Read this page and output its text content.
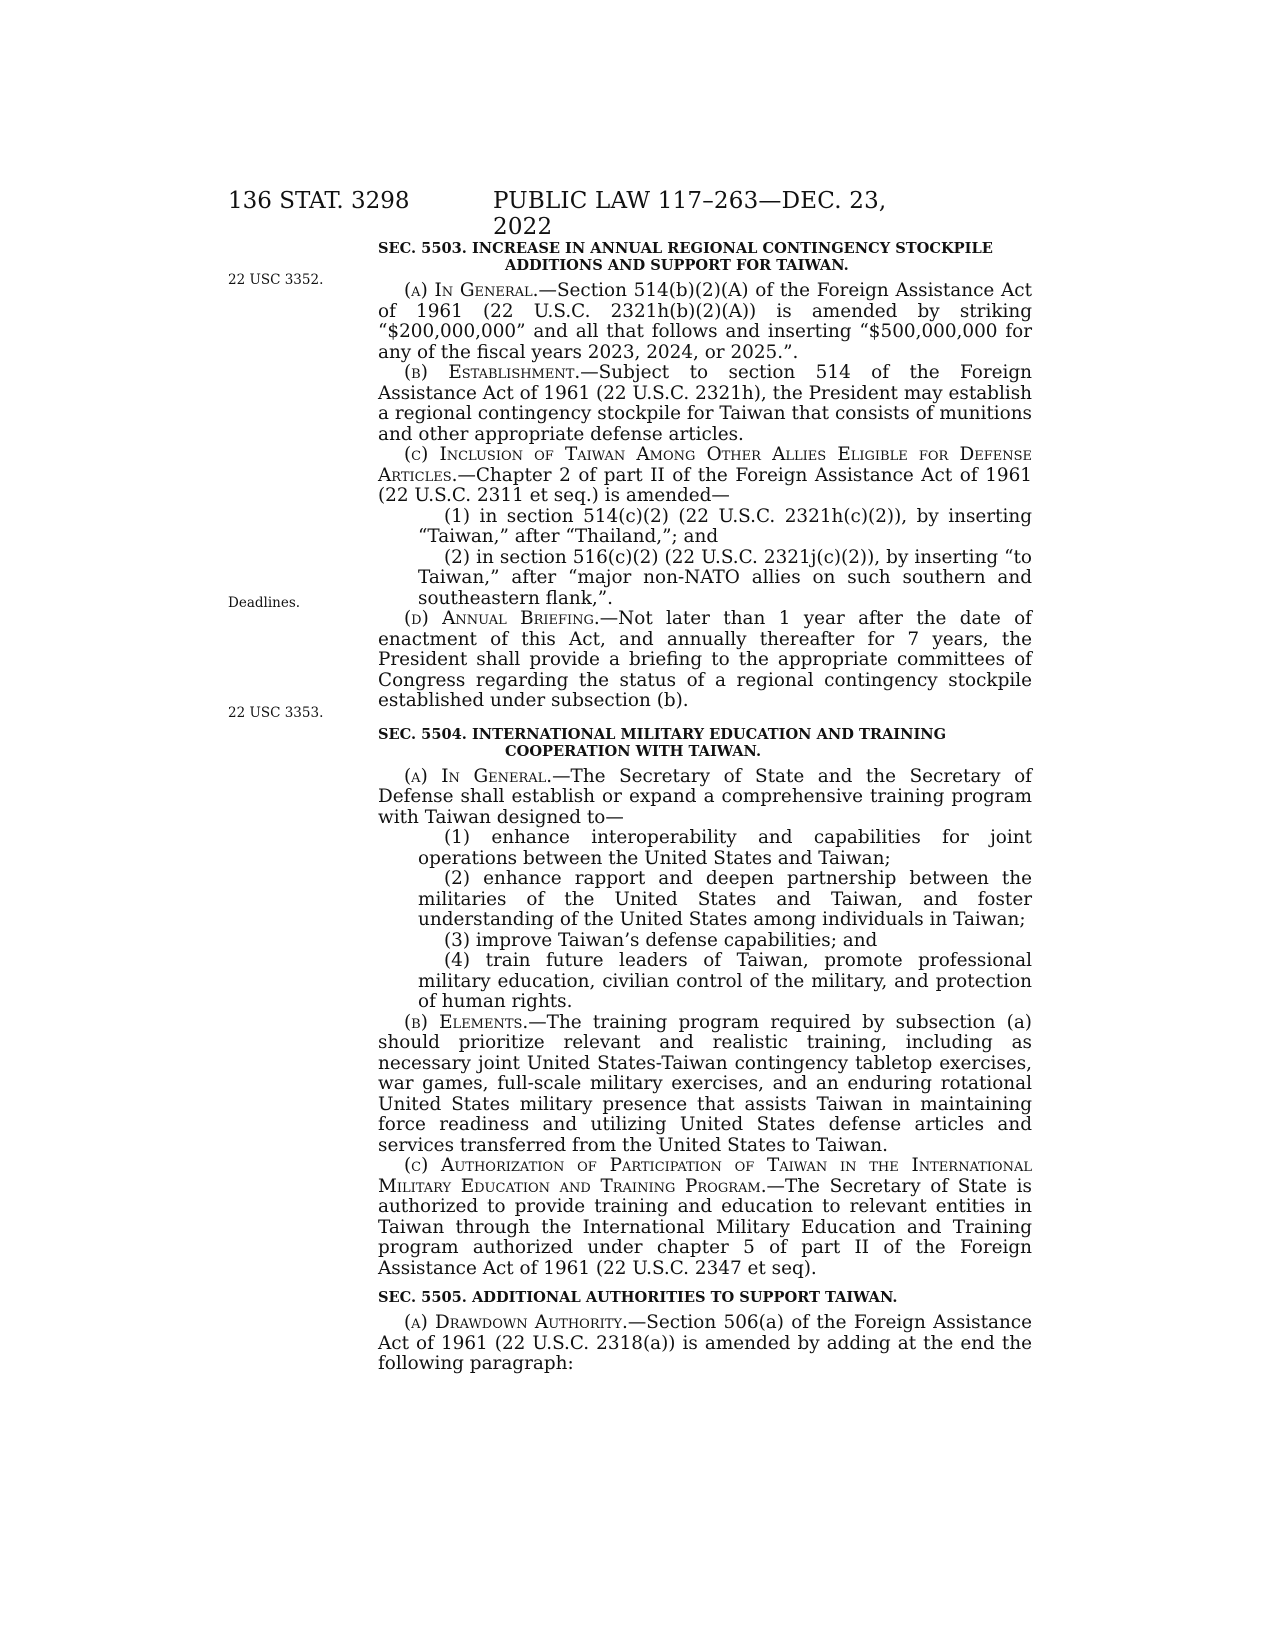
136 STAT. 3298	PUBLIC LAW 117–263—DEC. 23, 2022
22 USC 3352.
Deadlines.
22 USC 3353.
SEC. 5503. INCREASE IN ANNUAL REGIONAL CONTINGENCY STOCKPILE
ADDITIONS AND SUPPORT FOR TAIWAN.

(a) In General.—Section 514(b)(2)(A) of the Foreign Assistance Act of 1961 (22 U.S.C. 2321h(b)(2)(A)) is amended by striking “$200,000,000” and all that follows and inserting “$500,000,000 for any of the fiscal years 2023, 2024, or 2025.”.

(b) Establishment.—Subject to section 514 of the Foreign Assistance Act of 1961 (22 U.S.C. 2321h), the President may establish a regional contingency stockpile for Taiwan that consists of munitions and other appropriate defense articles.

(c) Inclusion of Taiwan Among Other Allies Eligible for Defense Articles.—Chapter 2 of part II of the Foreign Assistance Act of 1961 (22 U.S.C. 2311 et seq.) is amended—

(1) in section 514(c)(2) (22 U.S.C. 2321h(c)(2)), by inserting “Taiwan,” after “Thailand,”; and

(2) in section 516(c)(2) (22 U.S.C. 2321j(c)(2)), by inserting “to Taiwan,” after “major non-NATO allies on such southern and southeastern flank,”.

(d) Annual Briefing.—Not later than 1 year after the date of enactment of this Act, and annually thereafter for 7 years, the President shall provide a briefing to the appropriate committees of Congress regarding the status of a regional contingency stockpile established under subsection (b).

SEC. 5504. INTERNATIONAL MILITARY EDUCATION AND TRAINING
COOPERATION WITH TAIWAN.

(a) In General.—The Secretary of State and the Secretary of Defense shall establish or expand a comprehensive training program with Taiwan designed to—

(1) enhance interoperability and capabilities for joint operations between the United States and Taiwan;

(2) enhance rapport and deepen partnership between the militaries of the United States and Taiwan, and foster understanding of the United States among individuals in Taiwan;

(3) improve Taiwan’s defense capabilities; and

(4) train future leaders of Taiwan, promote professional military education, civilian control of the military, and protection of human rights.

(b) Elements.—The training program required by subsection (a) should prioritize relevant and realistic training, including as necessary joint United States-Taiwan contingency tabletop exercises, war games, full-scale military exercises, and an enduring rotational United States military presence that assists Taiwan in maintaining force readiness and utilizing United States defense articles and services transferred from the United States to Taiwan.

(c) Authorization of Participation of Taiwan in the International Military Education and Training Program.—The Secretary of State is authorized to provide training and education to relevant entities in Taiwan through the International Military Education and Training program authorized under chapter 5 of part II of the Foreign Assistance Act of 1961 (22 U.S.C. 2347 et seq).

SEC. 5505. ADDITIONAL AUTHORITIES TO SUPPORT TAIWAN.

(a) Drawdown Authority.—Section 506(a) of the Foreign Assistance Act of 1961 (22 U.S.C. 2318(a)) is amended by adding at the end the following paragraph:
